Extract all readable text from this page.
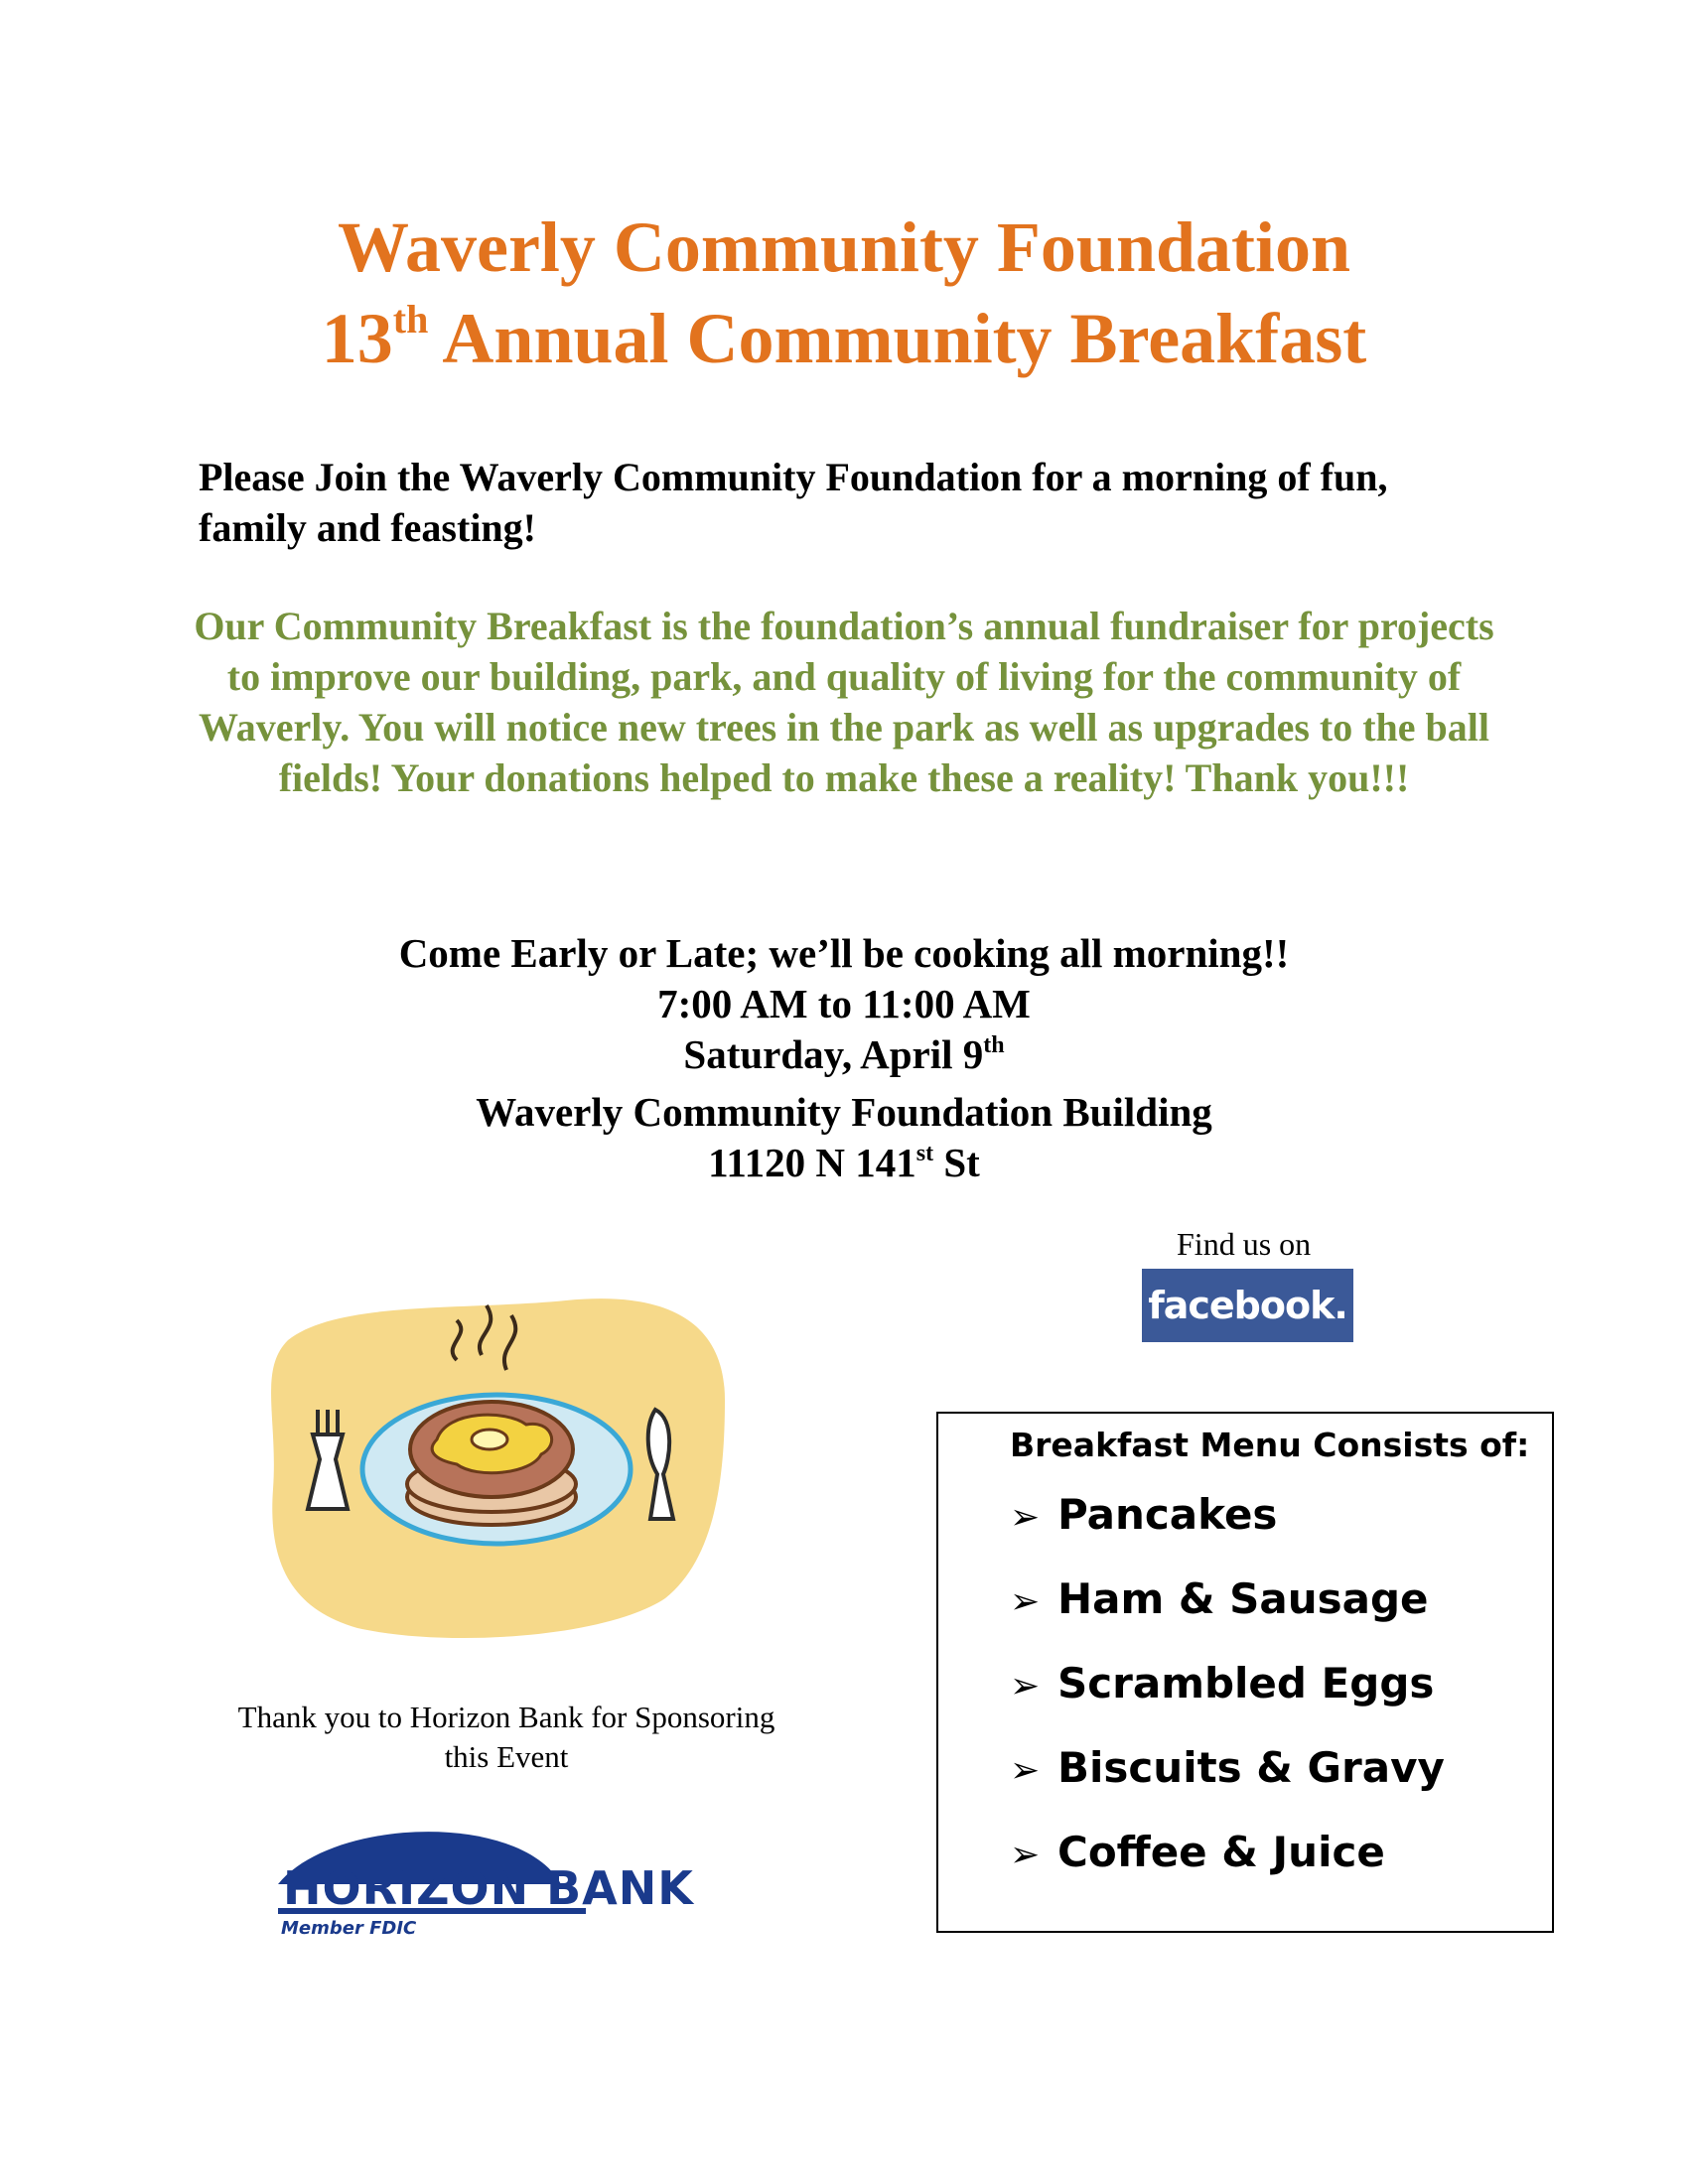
Waverly Community Foundation
13th Annual Community Breakfast
Please Join the Waverly Community Foundation for a morning of fun, family and feasting!
Our Community Breakfast is the foundation’s annual fundraiser for projects to improve our building, park, and quality of living for the community of Waverly. You will notice new trees in the park as well as upgrades to the ball fields! Your donations helped to make these a reality! Thank you!!!
Come Early or Late; we’ll be cooking all morning!!
7:00 AM to 11:00 AM
Saturday, April 9th
Waverly Community Foundation Building
11120 N 141st St
Find us on
facebook.
Thank you to Horizon Bank for Sponsoring this Event
HORIZON BANK
Member FDIC
Breakfast Menu Consists of:
➢ Pancakes
➢ Ham & Sausage
➢ Scrambled Eggs
➢ Biscuits & Gravy
➢ Coffee & Juice
